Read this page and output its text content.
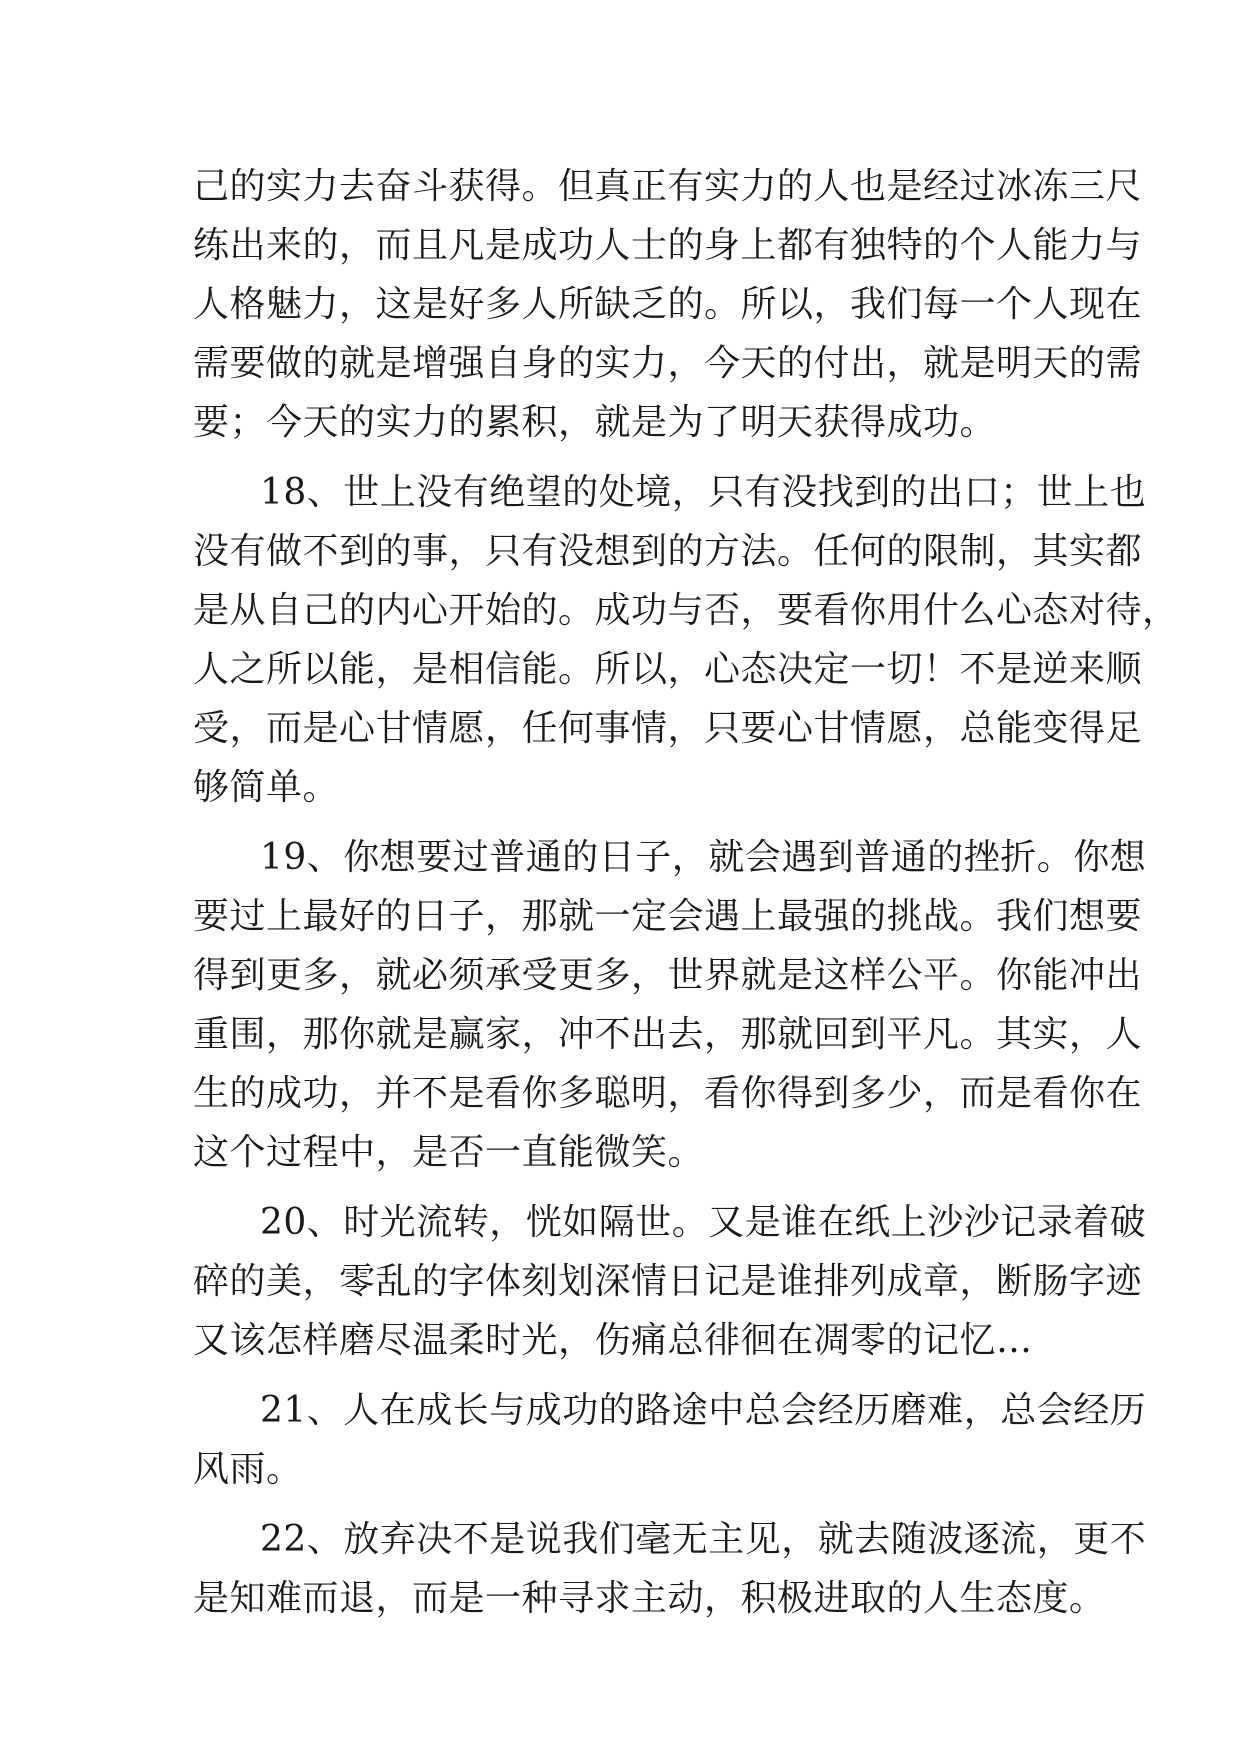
己的实力去奋斗获得。但真正有实力的人也是经过冰冻三尺
练出来的，而且凡是成功人士的身上都有独特的个人能力与
人格魅力，这是好多人所缺乏的。所以，我们每一个人现在
需要做的就是增强自身的实力，今天的付出，就是明天的需
要；今天的实力的累积，就是为了明天获得成功。
18、世上没有绝望的处境，只有没找到的出口；世上也
没有做不到的事，只有没想到的方法。任何的限制，其实都
是从自己的内心开始的。成功与否，要看你用什么心态对待，
人之所以能，是相信能。所以，心态决定一切！不是逆来顺
受，而是心甘情愿，任何事情，只要心甘情愿，总能变得足
够简单。
19、你想要过普通的日子，就会遇到普通的挫折。你想
要过上最好的日子，那就一定会遇上最强的挑战。我们想要
得到更多，就必须承受更多，世界就是这样公平。你能冲出
重围，那你就是赢家，冲不出去，那就回到平凡。其实，人
生的成功，并不是看你多聪明，看你得到多少，而是看你在
这个过程中，是否一直能微笑。
20、时光流转，恍如隔世。又是谁在纸上沙沙记录着破
碎的美，零乱的字体刻划深情日记是谁排列成章，断肠字迹
又该怎样磨尽温柔时光，伤痛总徘徊在凋零的记忆…
21、人在成长与成功的路途中总会经历磨难，总会经历
风雨。
22、放弃决不是说我们毫无主见，就去随波逐流，更不
是知难而退，而是一种寻求主动，积极进取的人生态度。
